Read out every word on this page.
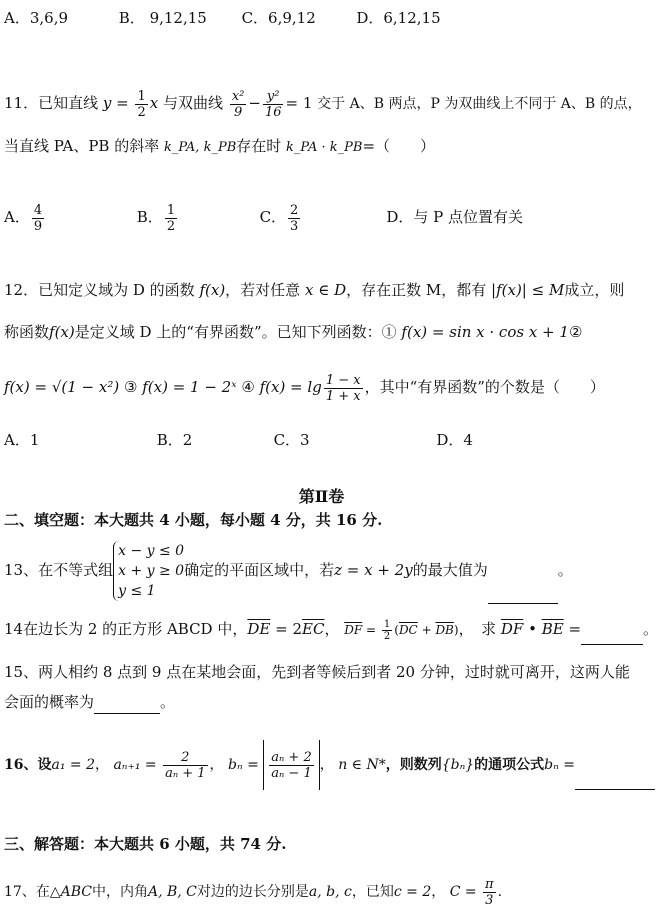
A．3,6,9	B． 9,12,15 C．6,9,12	D．6,12,15
11．已知直线 $y = \frac{1}{2}$ x 与双曲线 $\frac{\text{x²}}{9} - \frac{\text{y²}}{16} = 1$ 交于 A、B 两点，P 为双曲线上不同于 A、B 的点，
当直线 PA、PB 的斜率 k_PA, k_PB存在时 k_PA · k_PB=（　　）
A． $\frac{4}{9}$	B． $\frac{1}{2}$	C． $\frac{2}{3}$	D．与 P 点位置有关
12．已知定义域为 D 的函数 f(x)，若对任意 x ∈ D，存在正数 M，都有 |f(x)| ≤ M成立，则
称函数f(x)是定义域 D 上的“有界函数”。已知下列函数：① f(x) = sin x · cos x + 1②
f(x) = √(1 − x²) ③ f(x) = 1 − 2ˣ ④ $f(x) = \lg \frac{1 - x}{1 + x}$ ，其中“有界函数”的个数是（　　）
A．1	B．2	C．3	D．4
第Ⅱ卷
二、填空题：本大题共 4 小题，每小题 4 分，共 16 分.
13、在不等式组
x − y ≤ 0
x + y ≥ 0
y ≤ 1
确定的平面区域中，若z = x + 2y的最大值为	。
14在边长为 2 的正方形 ABCD 中，$\overline{DE} = 2\overline{EC}$， $\overline{DF} = \frac{1}{2} (\overline{DC} + \overline{DB})$，　求 $\overline{DF}$ • $\overline{BE}$ =	。
15、两人相约 8 点到 9 点在某地会面，先到者等候后到者 20 分钟，过时就可离开，这两人能
会面的概率为	。
16、设a₁ = 2， $a_{n+1} = \frac{2}{\text{aₙ + 1}}$ ， $b_n = \frac{\text{aₙ + 2}}{\text{aₙ − 1}}$ ， n ∈ N*，则数列{bₙ}的通项公式bₙ =
三、解答题：本大题共 6 小题，共 74 分.
17、在△ABC中，内角A, B, C对边的边长分别是a, b, c，已知c = 2， $C = \frac{\pi}{3}$ .
